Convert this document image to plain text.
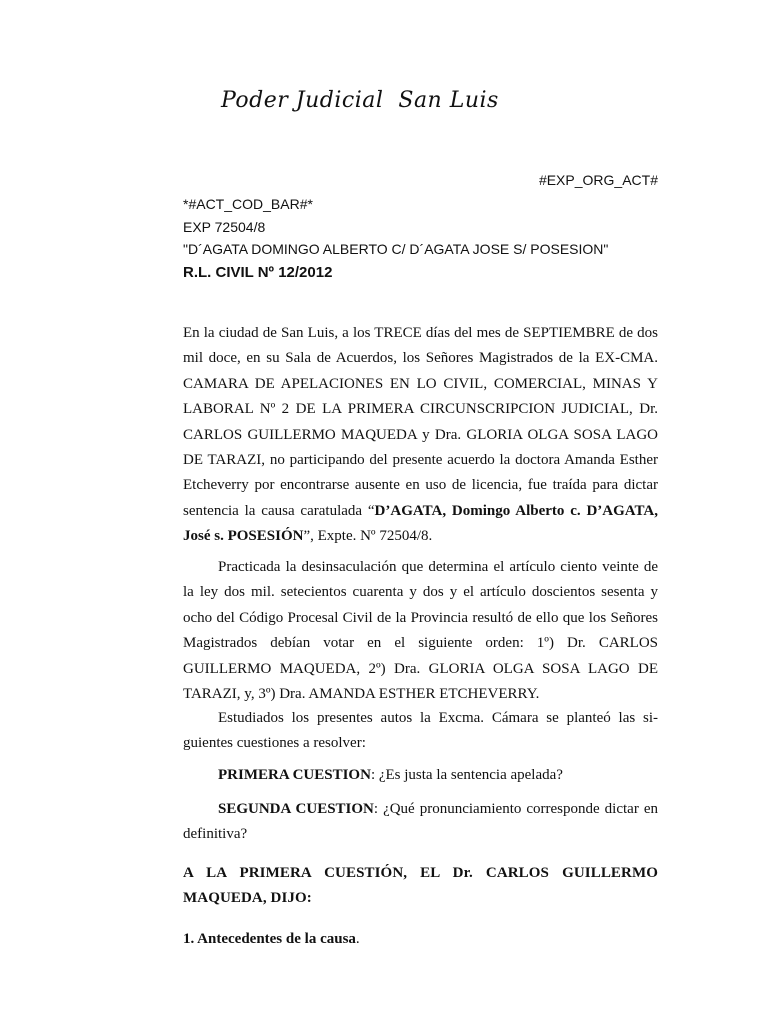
Poder Judicial  San Luis
#EXP_ORG_ACT#
*#ACT_COD_BAR#*
EXP 72504/8
"D´AGATA DOMINGO ALBERTO C/ D´AGATA JOSE S/ POSESION"
R.L. CIVIL Nº 12/2012

En la ciudad de San Luis, a los TRECE días del mes de SEPTIEMBRE de dos mil doce, en su Sala de Acuerdos, los Señores Magistrados de la EX-CMA. CAMARA DE APELACIONES EN LO CIVIL, COMERCIAL, MINAS Y LABORAL Nº 2 DE LA PRIMERA CIRCUNSCRIPCION JUDICIAL, Dr. CARLOS GUILLERMO MAQUEDA y Dra. GLORIA OLGA SOSA LAGO DE TARAZI, no participando del presente acuerdo la doctora Amanda Esther Etcheverry por encontrarse ausente en uso de licencia, fue traída para dictar sentencia la causa caratulada “D’AGATA, Domingo Alberto c. D’AGATA, José s. POSESIÓN”, Expte. Nº 72504/8.

Practicada la desinsaculación que determina el artículo ciento veinte de la ley dos mil. setecientos cuarenta y dos y el artículo doscientos sesenta y ocho del Código Procesal Civil de la Provincia resultó de ello que los Señores Magistrados debían votar en el siguiente orden: 1º) Dr. CARLOS GUILLERMO MAQUEDA, 2º) Dra. GLORIA OLGA SOSA LAGO DE TARAZI, y, 3º) Dra. AMANDA ESTHER ETCHEVERRY.

Estudiados los presentes autos la Excma. Cámara se planteó las si-guientes cuestiones a resolver:

PRIMERA CUESTION: ¿Es justa la sentencia apelada?

SEGUNDA CUESTION: ¿Qué pronunciamiento corresponde dictar en definitiva?

A LA PRIMERA CUESTIÓN, EL Dr. CARLOS GUILLERMO MAQUEDA, DIJO:

1. Antecedentes de la causa.
